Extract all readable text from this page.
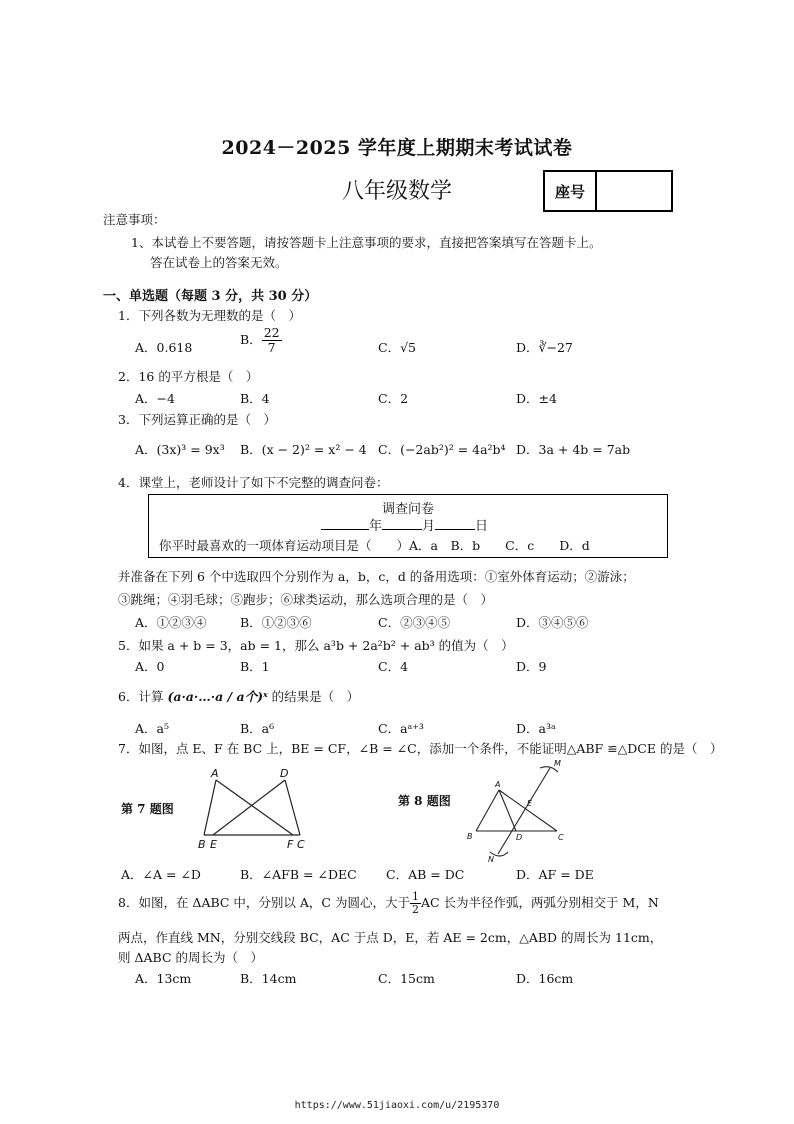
2024－2025 学年度上期期末考试试卷
八年级数学	座号
注意事项：
1、本试卷上不要答题，请按答题卡上注意事项的要求，直接把答案填写在答题卡上。
答在试卷上的答案无效。
一、单选题（每题 3 分，共 30 分）
1．下列各数为无理数的是（　）
A．0.618
B． $\frac{22}{7}$	C．√5	D．∛−27
2．16 的平方根是（　）
A．−4	B．4	C．2	D．±4
3．下列运算正确的是（　）
A．(3x)³ = 9x³ B．(x − 2)² = x² − 4 C．(−2ab²)² = 4a²b⁴ D．3a + 4b = 7ab
4．课堂上，老师设计了如下不完整的调查问卷：
调查问卷
年	月	日
你平时最喜欢的一项体育运动项目是（　　）A．a　B．b　　C．c　　D．d
并准备在下列 6 个中选取四个分别作为 a，b，c，d 的备用选项：①室外体育运动；②游泳；
③跳绳；④羽毛球；⑤跑步；⑥球类运动，那么选项合理的是（　）
A．①②③④	B．①②③⑥	C．②③④⑤	D．③④⑤⑥
5．如果 a + b = 3，ab = 1，那么 a³b + 2a²b² + ab³ 的值为（　）
A．0	B．1	C．4	D．9
6．计算 (a·a·…·a / a个)ˣ 的结果是（　）
A．a⁵	B．a⁶	C．aᵃ⁺³	D．a³ᵃ
7．如图，点 E、F 在 BC 上，BE = CF，∠B = ∠C，添加一个条件，不能证明△ABF ≌△DCE 的是（　）
第 7 题图
第 8 题图
A	D
B E	F C
A
B	C
D
E
M
N
A．∠A = ∠D	B．∠AFB = ∠DEC C．AB = DC	D．AF = DE
8．如图，在 ΔABC 中，分别以 A，C 为圆心，大于 $\frac{1}{2}$ AC 长为半径作弧，两弧分别相交于 M，N
两点，作直线 MN，分别交线段 BC，AC 于点 D，E，若 AE = 2cm，△ABD 的周长为 11cm，
则 ΔABC 的周长为（　）
A．13cm	B．14cm	C．15cm	D．16cm
https://www.51jiaoxi.com/u/2195370
